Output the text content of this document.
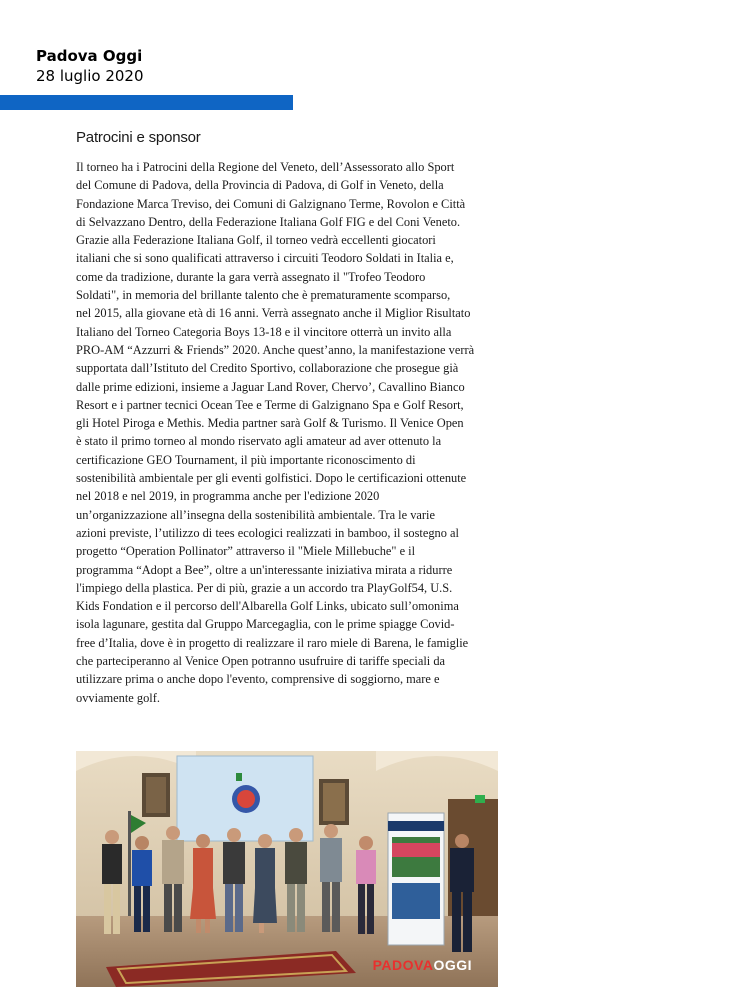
Padova Oggi
28 luglio 2020
Patrocini e sponsor
Il torneo ha i Patrocini della Regione del Veneto, dell’Assessorato allo Sport
del Comune di Padova, della Provincia di Padova, di Golf in Veneto, della
Fondazione Marca Treviso, dei Comuni di Galzignano Terme, Rovolon e Città
di Selvazzano Dentro, della Federazione Italiana Golf FIG e del Coni Veneto.
Grazie alla Federazione Italiana Golf, il torneo vedrà eccellenti giocatori
italiani che si sono qualificati attraverso i circuiti Teodoro Soldati in Italia e,
come da tradizione, durante la gara verrà assegnato il "Trofeo Teodoro
Soldati", in memoria del brillante talento che è prematuramente scomparso,
nel 2015, alla giovane età di 16 anni. Verrà assegnato anche il Miglior Risultato
Italiano del Torneo Categoria Boys 13-18 e il vincitore otterrà un invito alla
PRO-AM “Azzurri & Friends” 2020. Anche quest’anno, la manifestazione verrà
supportata dall’Istituto del Credito Sportivo, collaborazione che prosegue già
dalle prime edizioni, insieme a Jaguar Land Rover, Chervo’, Cavallino Bianco
Resort e i partner tecnici Ocean Tee e Terme di Galzignano Spa e Golf Resort,
gli Hotel Piroga e Methis. Media partner sarà Golf & Turismo. Il Venice Open
è stato il primo torneo al mondo riservato agli amateur ad aver ottenuto la
certificazione GEO Tournament, il più importante riconoscimento di
sostenibilità ambientale per gli eventi golfistici. Dopo le certificazioni ottenute
nel 2018 e nel 2019, in programma anche per l'edizione 2020
un’organizzazione all’insegna della sostenibilità ambientale. Tra le varie
azioni previste, l’utilizzo di tees ecologici realizzati in bamboo, il sostegno al
progetto “Operation Pollinator” attraverso il "Miele Millebuche" e il
programma “Adopt a Bee”, oltre a un'interessante iniziativa mirata a ridurre
l'impiego della plastica. Per di più, grazie a un accordo tra PlayGolf54, U.S.
Kids Fondation e il percorso dell'Albarella Golf Links, ubicato sull’omonima
isola lagunare, gestita dal Gruppo Marcegaglia, con le prime spiagge Covid-
free d’Italia, dove è in progetto di realizzare il raro miele di Barena, le famiglie
che parteciperanno al Venice Open potranno usufruire di tariffe speciali da
utilizzare prima o anche dopo l'evento, comprensive di soggiorno, mare e
ovviamente golf.
PADOVAOGGI
